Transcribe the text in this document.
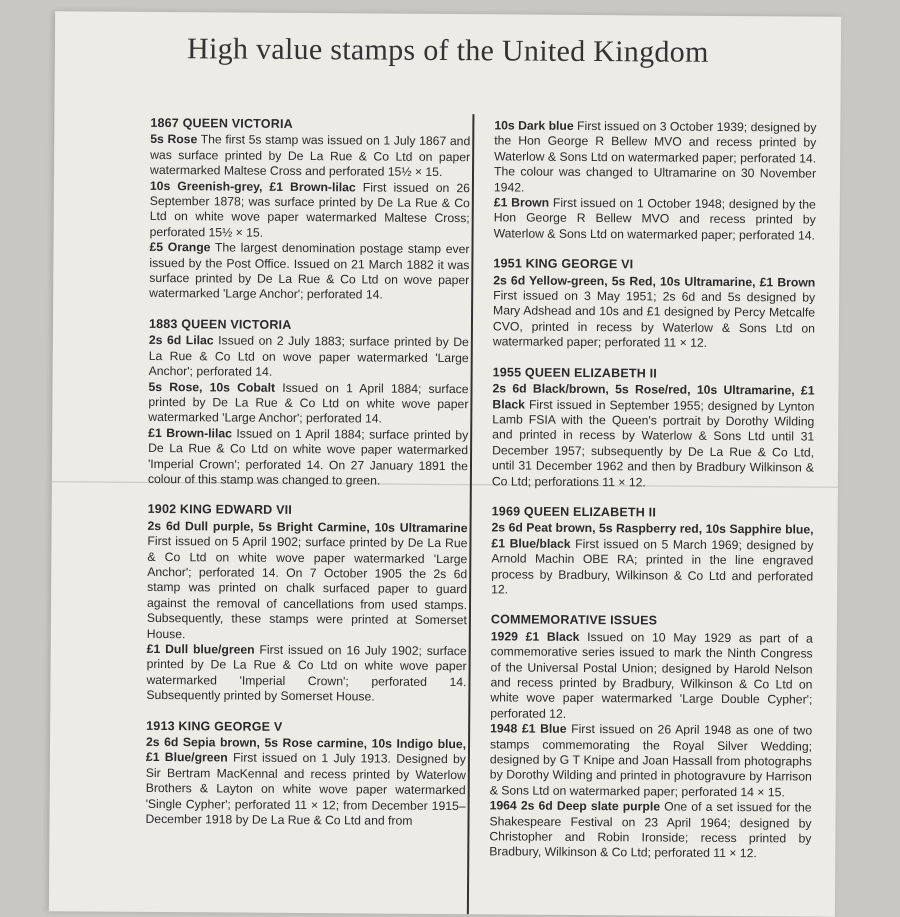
High value stamps of the United Kingdom
1867 QUEEN VICTORIA

5s Rose The first 5s stamp was issued on 1 July 1867 and was surface printed by De La Rue & Co Ltd on paper watermarked Maltese Cross and perforated 15½ × 15.

10s Greenish-grey, £1 Brown-lilac First issued on 26 September 1878; was surface printed by De La Rue & Co Ltd on white wove paper watermarked Maltese Cross; perforated 15½ × 15.

£5 Orange The largest denomination postage stamp ever issued by the Post Office. Issued on 21 March 1882 it was surface printed by De La Rue & Co Ltd on wove paper watermarked 'Large Anchor'; perforated 14.

1883 QUEEN VICTORIA

2s 6d Lilac Issued on 2 July 1883; surface printed by De La Rue & Co Ltd on wove paper watermarked 'Large Anchor'; perforated 14.

5s Rose, 10s Cobalt Issued on 1 April 1884; surface printed by De La Rue & Co Ltd on white wove paper watermarked 'Large Anchor'; perforated 14.

£1 Brown-lilac Issued on 1 April 1884; surface printed by De La Rue & Co Ltd on white wove paper watermarked 'Imperial Crown'; perforated 14. On 27 January 1891 the colour of this stamp was changed to green.

1902 KING EDWARD VII

2s 6d Dull purple, 5s Bright Carmine, 10s Ultramarine First issued on 5 April 1902; surface printed by De La Rue & Co Ltd on white wove paper watermarked 'Large Anchor'; perforated 14. On 7 October 1905 the 2s 6d stamp was printed on chalk surfaced paper to guard against the removal of cancellations from used stamps. Subsequently, these stamps were printed at Somerset House.

£1 Dull blue/green First issued on 16 July 1902; surface printed by De La Rue & Co Ltd on white wove paper watermarked 'Imperial Crown'; perforated 14. Subsequently printed by Somerset House.

1913 KING GEORGE V

2s 6d Sepia brown, 5s Rose carmine, 10s Indigo blue, £1 Blue/green First issued on 1 July 1913. Designed by Sir Bertram MacKennal and recess printed by Waterlow Brothers & Layton on white wove paper watermarked 'Single Cypher'; perforated 11 × 12; from December 1915–December 1918 by De La Rue & Co Ltd and from

10s Dark blue First issued on 3 October 1939; designed by the Hon George R Bellew MVO and recess printed by Waterlow & Sons Ltd on watermarked paper; perforated 14. The colour was changed to Ultramarine on 30 November 1942.

£1 Brown First issued on 1 October 1948; designed by the Hon George R Bellew MVO and recess printed by Waterlow & Sons Ltd on watermarked paper; perforated 14.

1951 KING GEORGE VI

2s 6d Yellow-green, 5s Red, 10s Ultramarine, £1 Brown First issued on 3 May 1951; 2s 6d and 5s designed by Mary Adshead and 10s and £1 designed by Percy Metcalfe CVO, printed in recess by Waterlow & Sons Ltd on watermarked paper; perforated 11 × 12.

1955 QUEEN ELIZABETH II

2s 6d Black/brown, 5s Rose/red, 10s Ultramarine, £1 Black First issued in September 1955; designed by Lynton Lamb FSIA with the Queen's portrait by Dorothy Wilding and printed in recess by Waterlow & Sons Ltd until 31 December 1957; subsequently by De La Rue & Co Ltd, until 31 December 1962 and then by Bradbury Wilkinson & Co Ltd; perforations 11 × 12.

1969 QUEEN ELIZABETH II

2s 6d Peat brown, 5s Raspberry red, 10s Sapphire blue, £1 Blue/black First issued on 5 March 1969; designed by Arnold Machin OBE RA; printed in the line engraved process by Bradbury, Wilkinson & Co Ltd and perforated 12.

COMMEMORATIVE ISSUES

1929 £1 Black Issued on 10 May 1929 as part of a commemorative series issued to mark the Ninth Congress of the Universal Postal Union; designed by Harold Nelson and recess printed by Bradbury, Wilkinson & Co Ltd on white wove paper watermarked 'Large Double Cypher'; perforated 12.

1948 £1 Blue First issued on 26 April 1948 as one of two stamps commemorating the Royal Silver Wedding; designed by G T Knipe and Joan Hassall from photographs by Dorothy Wilding and printed in photogravure by Harrison & Sons Ltd on watermarked paper; perforated 14 × 15.

1964 2s 6d Deep slate purple One of a set issued for the Shakespeare Festival on 23 April 1964; designed by Christopher and Robin Ironside; recess printed by Bradbury, Wilkinson & Co Ltd; perforated 11 × 12.
